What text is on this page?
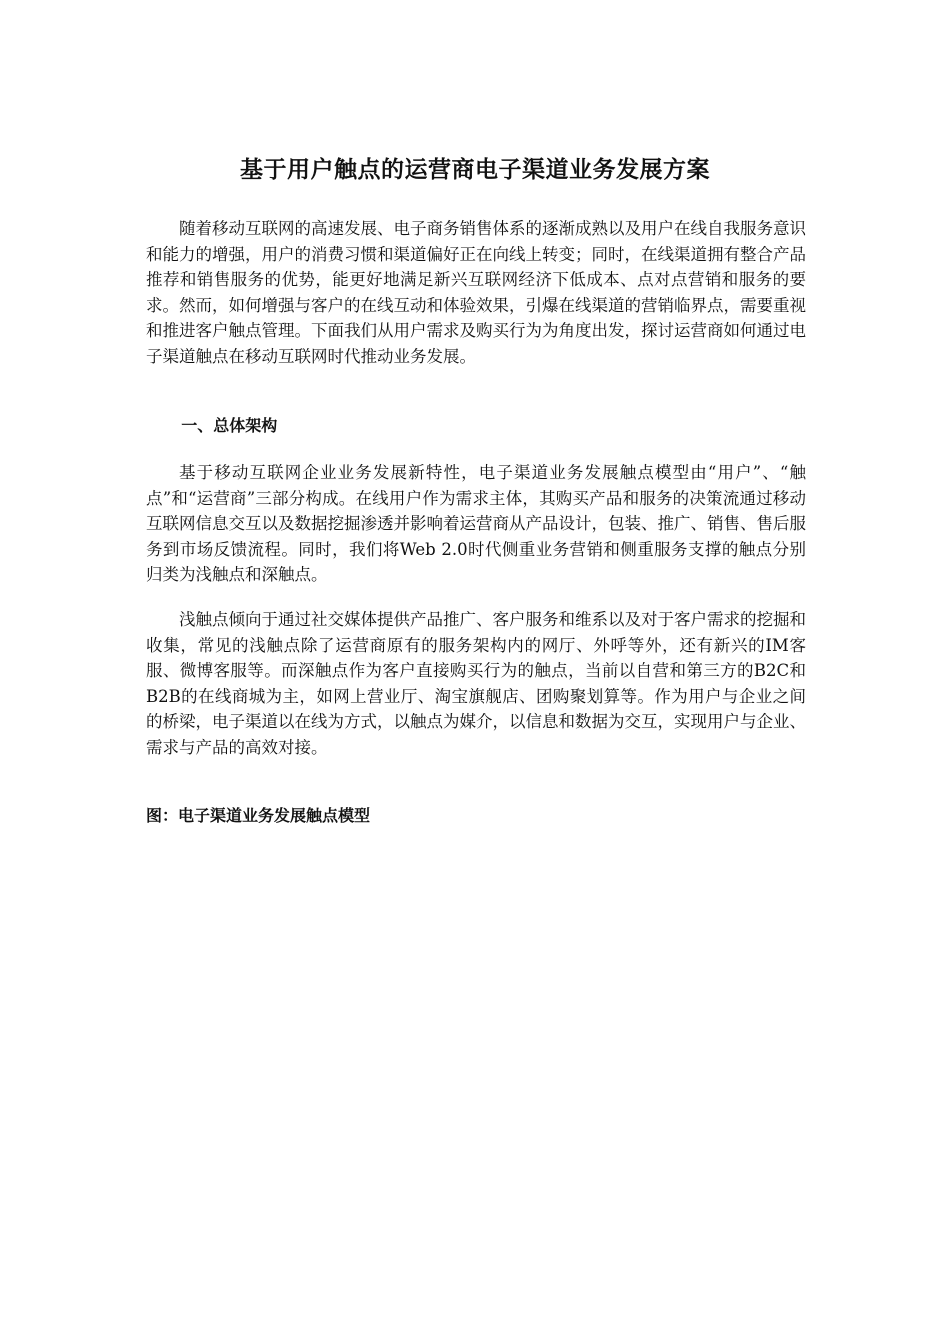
基于用户触点的运营商电子渠道业务发展方案

随着移动互联网的高速发展、电子商务销售体系的逐渐成熟以及用户在线自我服务意识和能力的增强，用户的消费习惯和渠道偏好正在向线上转变；同时，在线渠道拥有整合产品推荐和销售服务的优势，能更好地满足新兴互联网经济下低成本、点对点营销和服务的要求。然而，如何增强与客户的在线互动和体验效果，引爆在线渠道的营销临界点，需要重视和推进客户触点管理。下面我们从用户需求及购买行为为角度出发，探讨运营商如何通过电子渠道触点在移动互联网时代推动业务发展。

一、总体架构

基于移动互联网企业业务发展新特性，电子渠道业务发展触点模型由“用户”、“触点”和“运营商”三部分构成。在线用户作为需求主体，其购买产品和服务的决策流通过移动互联网信息交互以及数据挖掘渗透并影响着运营商从产品设计，包装、推广、销售、售后服务到市场反馈流程。同时，我们将Web 2.0时代侧重业务营销和侧重服务支撑的触点分别归类为浅触点和深触点。

浅触点倾向于通过社交媒体提供产品推广、客户服务和维系以及对于客户需求的挖掘和收集，常见的浅触点除了运营商原有的服务架构内的网厅、外呼等外，还有新兴的IM客服、微博客服等。而深触点作为客户直接购买行为的触点，当前以自营和第三方的B2C和B2B的在线商城为主，如网上营业厅、淘宝旗舰店、团购聚划算等。作为用户与企业之间的桥梁，电子渠道以在线为方式，以触点为媒介，以信息和数据为交互，实现用户与企业、需求与产品的高效对接。

图：电子渠道业务发展触点模型
